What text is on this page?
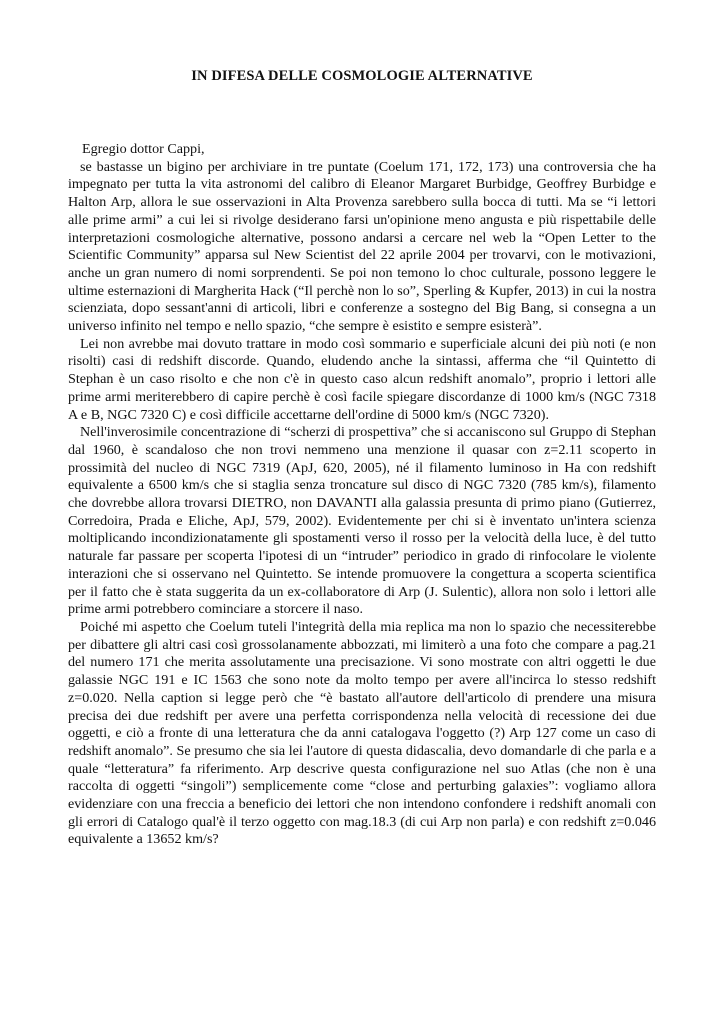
IN DIFESA DELLE COSMOLOGIE ALTERNATIVE

Egregio dottor Cappi,

se bastasse un bigino per archiviare in tre puntate (Coelum 171, 172, 173) una controversia che ha impegnato per tutta la vita astronomi del calibro di Eleanor Margaret Burbidge, Geoffrey Burbidge e Halton Arp, allora le sue osservazioni in Alta Provenza sarebbero sulla bocca di tutti. Ma se “i lettori alle prime armi” a cui lei si rivolge desiderano farsi un'opinione meno angusta e più rispettabile delle interpretazioni cosmologiche alternative, possono andarsi a cercare nel web la “Open Letter to the Scientific Community” apparsa sul New Scientist del 22 aprile 2004 per trovarvi, con le motivazioni, anche un gran numero di nomi sorprendenti. Se poi non temono lo choc culturale, possono leggere le ultime esternazioni di Margherita Hack (“Il perchè non lo so”, Sperling & Kupfer, 2013) in cui la nostra scienziata, dopo sessant'anni di articoli, libri e conferenze a sostegno del Big Bang, si consegna a un universo infinito nel tempo e nello spazio, “che sempre è esistito e sempre esisterà”.

Lei non avrebbe mai dovuto trattare in modo così sommario e superficiale alcuni dei più noti (e non risolti) casi di redshift discorde. Quando, eludendo anche la sintassi, afferma che “il Quintetto di Stephan è un caso risolto e che non c'è in questo caso alcun redshift anomalo”, proprio i lettori alle prime armi meriterebbero di capire perchè è così facile spiegare discordanze di 1000 km/s (NGC 7318 A e B, NGC 7320 C) e così difficile accettarne dell'ordine di 5000 km/s (NGC 7320).

Nell'inverosimile concentrazione di “scherzi di prospettiva” che si accaniscono sul Gruppo di Stephan dal 1960, è scandaloso che non trovi nemmeno una menzione il quasar con z=2.11 scoperto in prossimità del nucleo di NGC 7319 (ApJ, 620, 2005), né il filamento luminoso in Ha con redshift equivalente a 6500 km/s che si staglia senza troncature sul disco di NGC 7320 (785 km/s), filamento che dovrebbe allora trovarsi DIETRO, non DAVANTI alla galassia presunta di primo piano (Gutierrez, Corredoira, Prada e Eliche, ApJ, 579, 2002). Evidentemente per chi si è inventato un'intera scienza moltiplicando incondizionatamente gli spostamenti verso il rosso per la velocità della luce, è del tutto naturale far passare per scoperta l'ipotesi di un “intruder” periodico in grado di rinfocolare le violente interazioni che si osservano nel Quintetto. Se intende promuovere la congettura a scoperta scientifica per il fatto che è stata suggerita da un ex-collaboratore di Arp (J. Sulentic), allora non solo i lettori alle prime armi potrebbero cominciare a storcere il naso.

Poiché mi aspetto che Coelum tuteli l'integrità della mia replica ma non lo spazio che necessiterebbe per dibattere gli altri casi così grossolanamente abbozzati, mi limiterò a una foto che compare a pag.21 del numero 171 che merita assolutamente una precisazione. Vi sono mostrate con altri oggetti le due galassie NGC 191 e IC 1563 che sono note da molto tempo per avere all'incirca lo stesso redshift z=0.020. Nella caption si legge però che “è bastato all'autore dell'articolo di prendere una misura precisa dei due redshift per avere una perfetta corrispondenza nella velocità di recessione dei due oggetti, e ciò a fronte di una letteratura che da anni catalogava l'oggetto (?) Arp 127 come un caso di redshift anomalo”. Se presumo che sia lei l'autore di questa didascalia, devo domandarle di che parla e a quale “letteratura” fa riferimento. Arp descrive questa configurazione nel suo Atlas (che non è una raccolta di oggetti “singoli”) semplicemente come “close and perturbing galaxies”: vogliamo allora evidenziare con una freccia a beneficio dei lettori che non intendono confondere i redshift anomali con gli errori di Catalogo qual'è il terzo oggetto con mag.18.3 (di cui Arp non parla) e con redshift z=0.046 equivalente a 13652 km/s?
